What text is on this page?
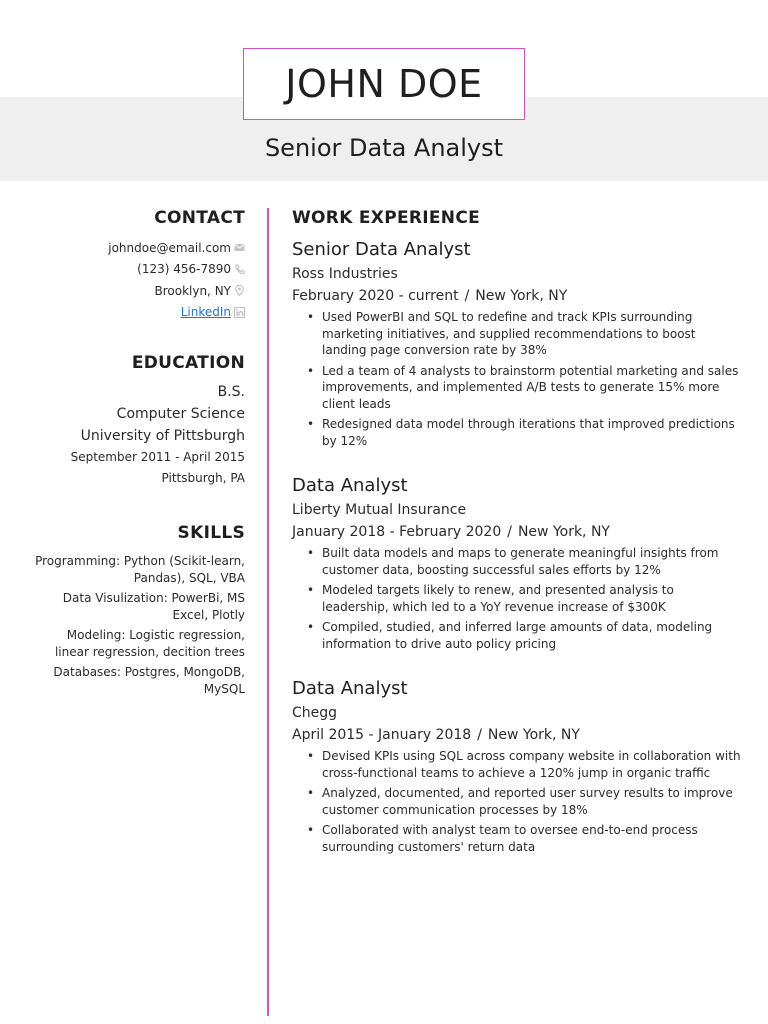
JOHN DOE
Senior Data Analyst
CONTACT
johndoe@email.com
(123) 456-7890
Brooklyn, NY
LinkedIn
EDUCATION
B.S.
Computer Science
University of Pittsburgh
September 2011 - April 2015
Pittsburgh, PA
SKILLS
Programming: Python (Scikit-learn, Pandas), SQL, VBA
Data Visulization: PowerBi, MS Excel, Plotly
Modeling: Logistic regression, linear regression, decition trees
Databases: Postgres, MongoDB, MySQL
WORK EXPERIENCE
Senior Data Analyst
Ross Industries
February 2020 - current / New York, NY
• Used PowerBI and SQL to redefine and track KPIs surrounding marketing initiatives, and supplied recommendations to boost landing page conversion rate by 38%
• Led a team of 4 analysts to brainstorm potential marketing and sales improvements, and implemented A/B tests to generate 15% more client leads
• Redesigned data model through iterations that improved predictions by 12%
Data Analyst
Liberty Mutual Insurance
January 2018 - February 2020 / New York, NY
• Built data models and maps to generate meaningful insights from customer data, boosting successful sales efforts by 12%
• Modeled targets likely to renew, and presented analysis to leadership, which led to a YoY revenue increase of $300K
• Compiled, studied, and inferred large amounts of data, modeling information to drive auto policy pricing
Data Analyst
Chegg
April 2015 - January 2018 / New York, NY
• Devised KPIs using SQL across company website in collaboration with cross-functional teams to achieve a 120% jump in organic traffic
• Analyzed, documented, and reported user survey results to improve customer communication processes by 18%
• Collaborated with analyst team to oversee end-to-end process surrounding customers' return data
